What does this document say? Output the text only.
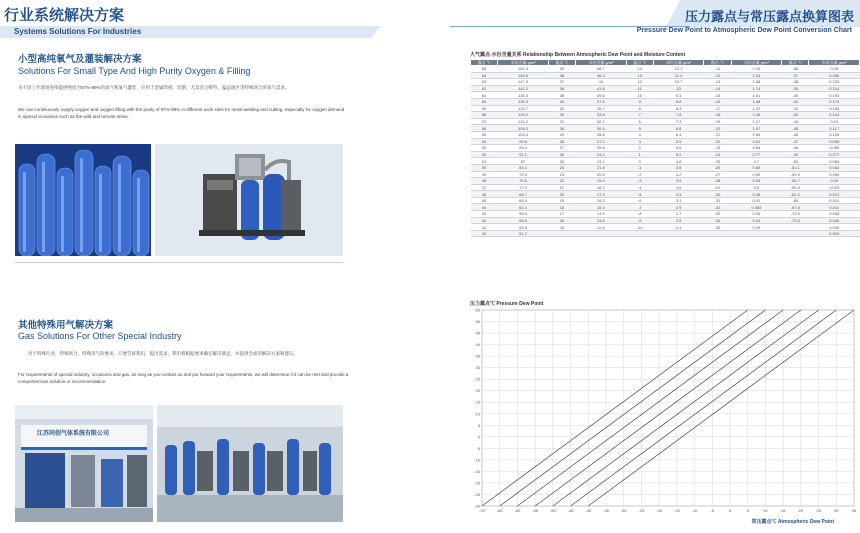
行业系统解决方案
Systems Solutions For Industries
小型高纯氧气及灌装解决方案
Solutions For Small Type And High Purity Oxygen & Filling
为不同工作现场连续提供纯度为97%-99%的氧气和氧气灌装，应用于金属焊接、切割，尤其适合野外、偏远地区等特殊场合的氧气需求。
We can continuously supply oxygen and oxygen filling with the purity of 97%-99% in different work sites for metal welding and cutting, especially for oxygen demand in special occasions such as the wild and remote areas.
其他特殊用气解决方案
Gas Solutions For Other Special Industry
对于特殊行业、特殊场合、特殊用气的要求，只要告诉我们，提出需求，我们将根据要求确定解决满足，并提供全面的解决方案和建议。
For requirements of special industry, occasions and gas, as long as you contact us and put forward your requirements, we will determine if it can be met and provide a comprehensive solution or recommendation.
江苏同创气体系统有限公司
压力露点与常压露点换算图表
Pressure Dew Point to Atmospheric Dew Point Conversion Chart
大气露点-水份含量关系 Relationship Between Atmospheric Dew Point and Moisture Content
露点 ℃	水份含量 g/m³	露点 ℃	水份含量 g/m³	露点 ℃	水份含量 g/m³	露点 ℃	水份含量 g/m³	露点 ℃	水份含量 g/m³
65	161.3	39	48.7	14	12.1	-11	2.19	-36	0.28
64	153.6	38	46.3	13	11.4	-12	2.03	-37	0.256
63	147.3	37	44	12	10.7	-13	1.88	-38	0.234
62	141.2	36	41.8	11	10	-14	1.74	-39	0.214
61	135.3	35	39.6	10	9.3	-15	1.61	-40	0.194
60	130.3	34	37.6	9	8.8	-16	1.48	-41	0.176
59	124.7	33	35.7	8	8.3	-17	1.37	-42	0.159
58	119.4	32	33.8	7	7.8	-18	1.26	-43	0.144
57	114.2	31	32.1	6	7.3	-19	1.17	-44	0.13
56	109.2	30	30.4	5	6.8	-20	1.07	-45	0.117
55	104.4	29	28.8	4	6.4	-21	0.99	-46	0.105
54	99.8	28	27.2	3	5.9	-22	0.91	-47	0.095
53	95.4	27	25.8	2	5.6	-23	0.84	-48	0.085
52	91.1	26	24.4	1	5.2	-24	0.77	-49	0.077
51	87	25	23.1	0	4.8	-25	0.7	-50	0.069
50	83.1	24	21.8	-1	4.5	-26	0.65	-51.1	0.062
49	79.3	23	20.6	-2	4.2	-27	0.59	-53.9	0.054
48	75.6	22	19.4	-3	3.9	-28	0.54	-56.7	0.04
47	72.3	21	18.3	-4	3.6	-29	0.5	-59.4	0.029
46	68.7	20	17.3	-5	3.3	-30	0.45	-62.2	0.021
45	65.5	19	16.3	-6	3.1	-31	0.41	-65	0.014
44	62.4	18	15.4	-7	2.9	-32	0.385	-67.8	0.011
43	59.4	17	14.5	-8	2.7	-33	0.34	-70.6	0.008
42	56.6	16	13.6	-9	2.5	-34	0.31	-73.3	0.006
41	53.8	15	12.8	-10	2.4	-35	0.29		0.005
40	51.2								0.003
压力露点℃ Pressure Dew Point
-70	-65	-60	-55	-50	-45	-40	-35	-30	-25	-20	-15	-10	-5	0	5	10	15	20	25	30	35
55
50
45
40
35
30
25
20
15
10
5
0
-5
-10
-15
-20
-25
-30
常压露点℃ Atmospheric Dew Point
